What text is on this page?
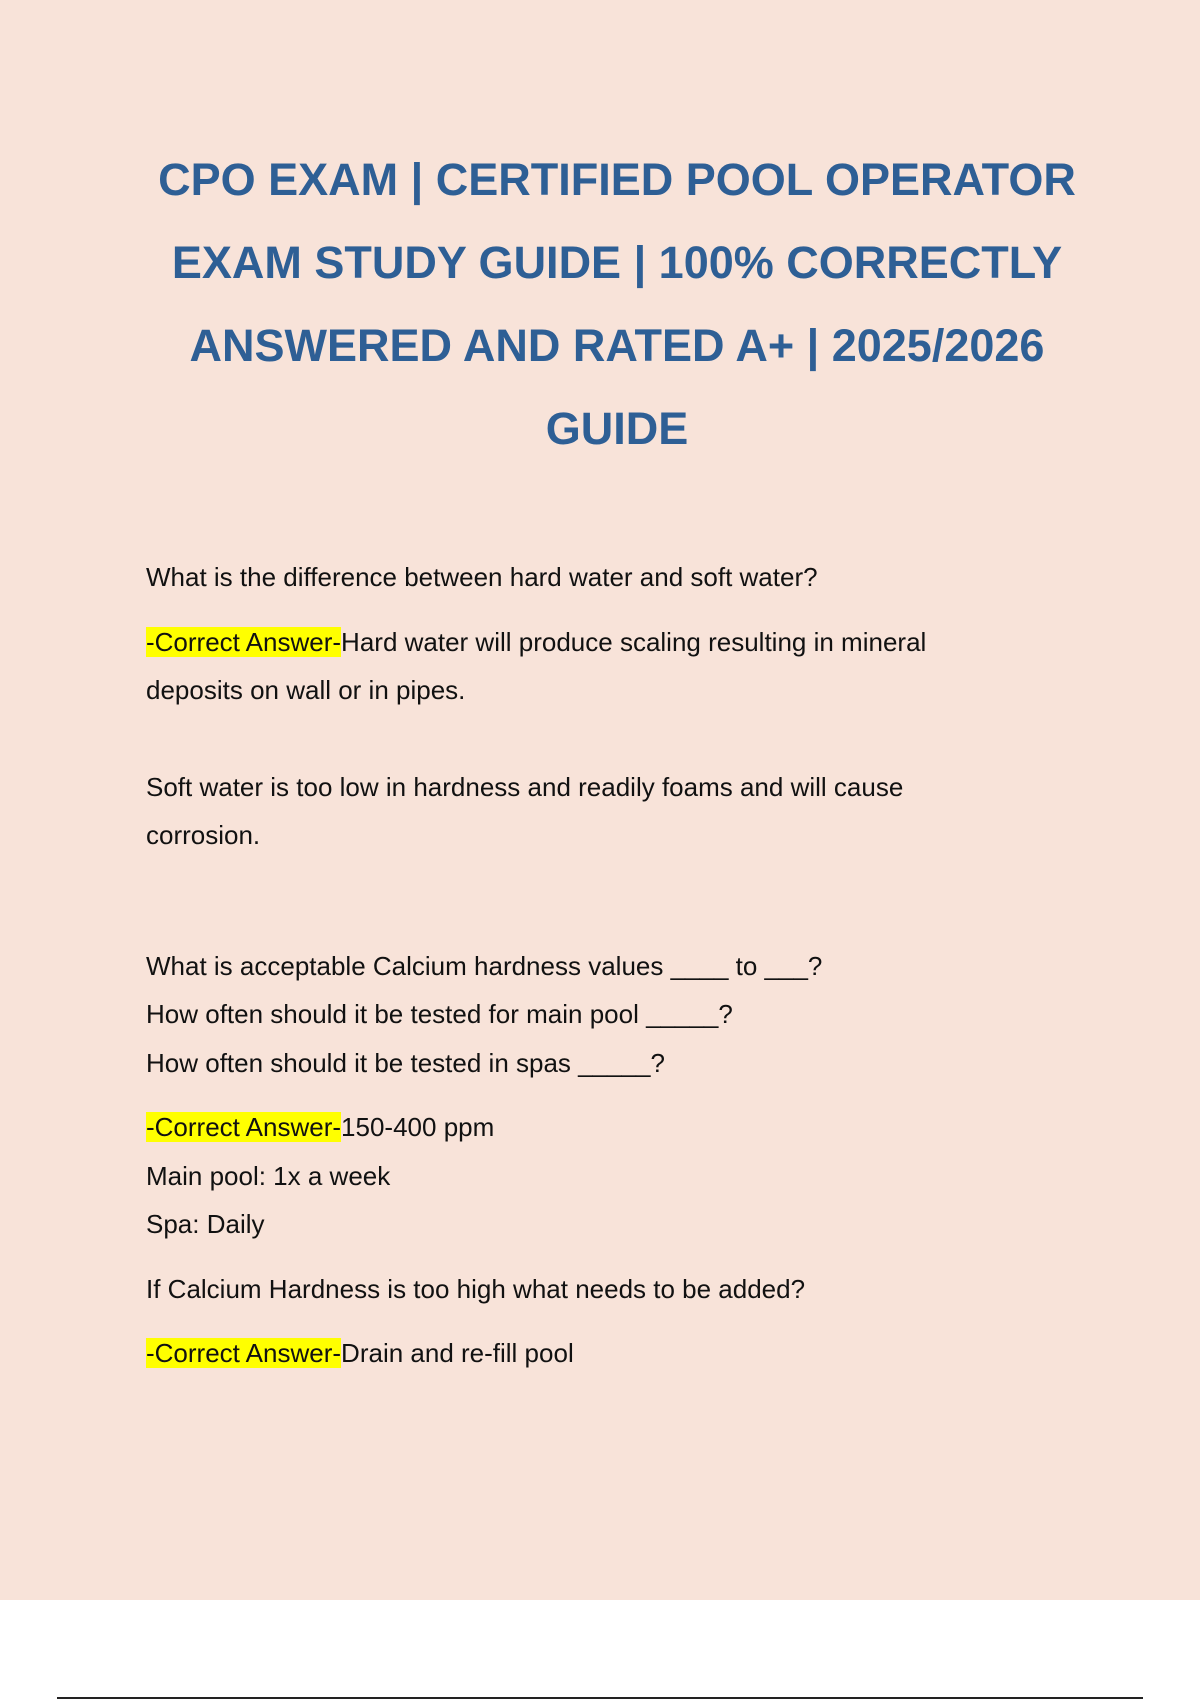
CPO EXAM | CERTIFIED POOL OPERATOR EXAM STUDY GUIDE | 100% CORRECTLY ANSWERED AND RATED A+ | 2025/2026 GUIDE

What is the difference between hard water and soft water?

-Correct Answer-Hard water will produce scaling resulting in mineral

deposits on wall or in pipes.

Soft water is too low in hardness and readily foams and will cause

corrosion.

What is acceptable Calcium hardness values ____ to ___?

How often should it be tested for main pool _____?

How often should it be tested in spas _____?

-Correct Answer-150-400 ppm

Main pool: 1x a week

Spa: Daily

If Calcium Hardness is too high what needs to be added?

-Correct Answer-Drain and re-fill pool
